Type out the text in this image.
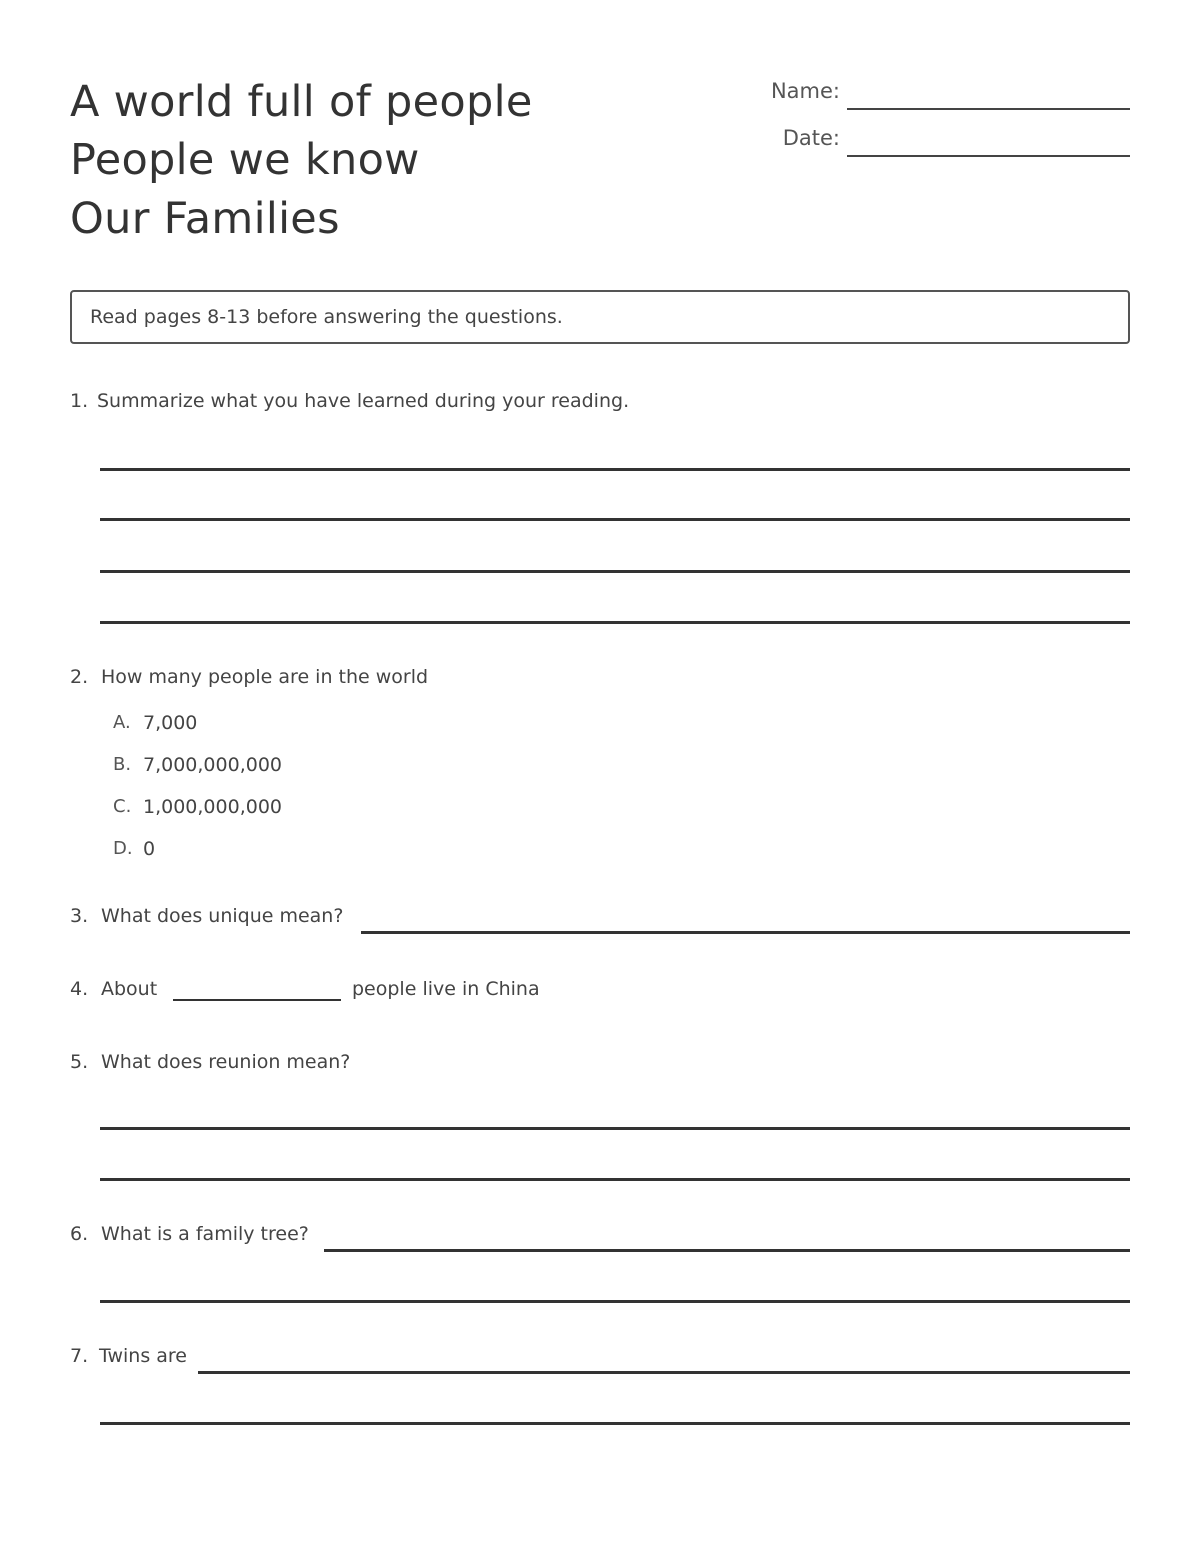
A world full of people
People we know
Our Families
Name:
Date:
Read pages 8-13 before answering the questions.
1. Summarize what you have learned during your reading.
2. How many people are in the world
A. 7,000
B. 7,000,000,000
C. 1,000,000,000
D. 0
3. What does unique mean?
4. About	people live in China
5. What does reunion mean?
6. What is a family tree?
7. Twins are
